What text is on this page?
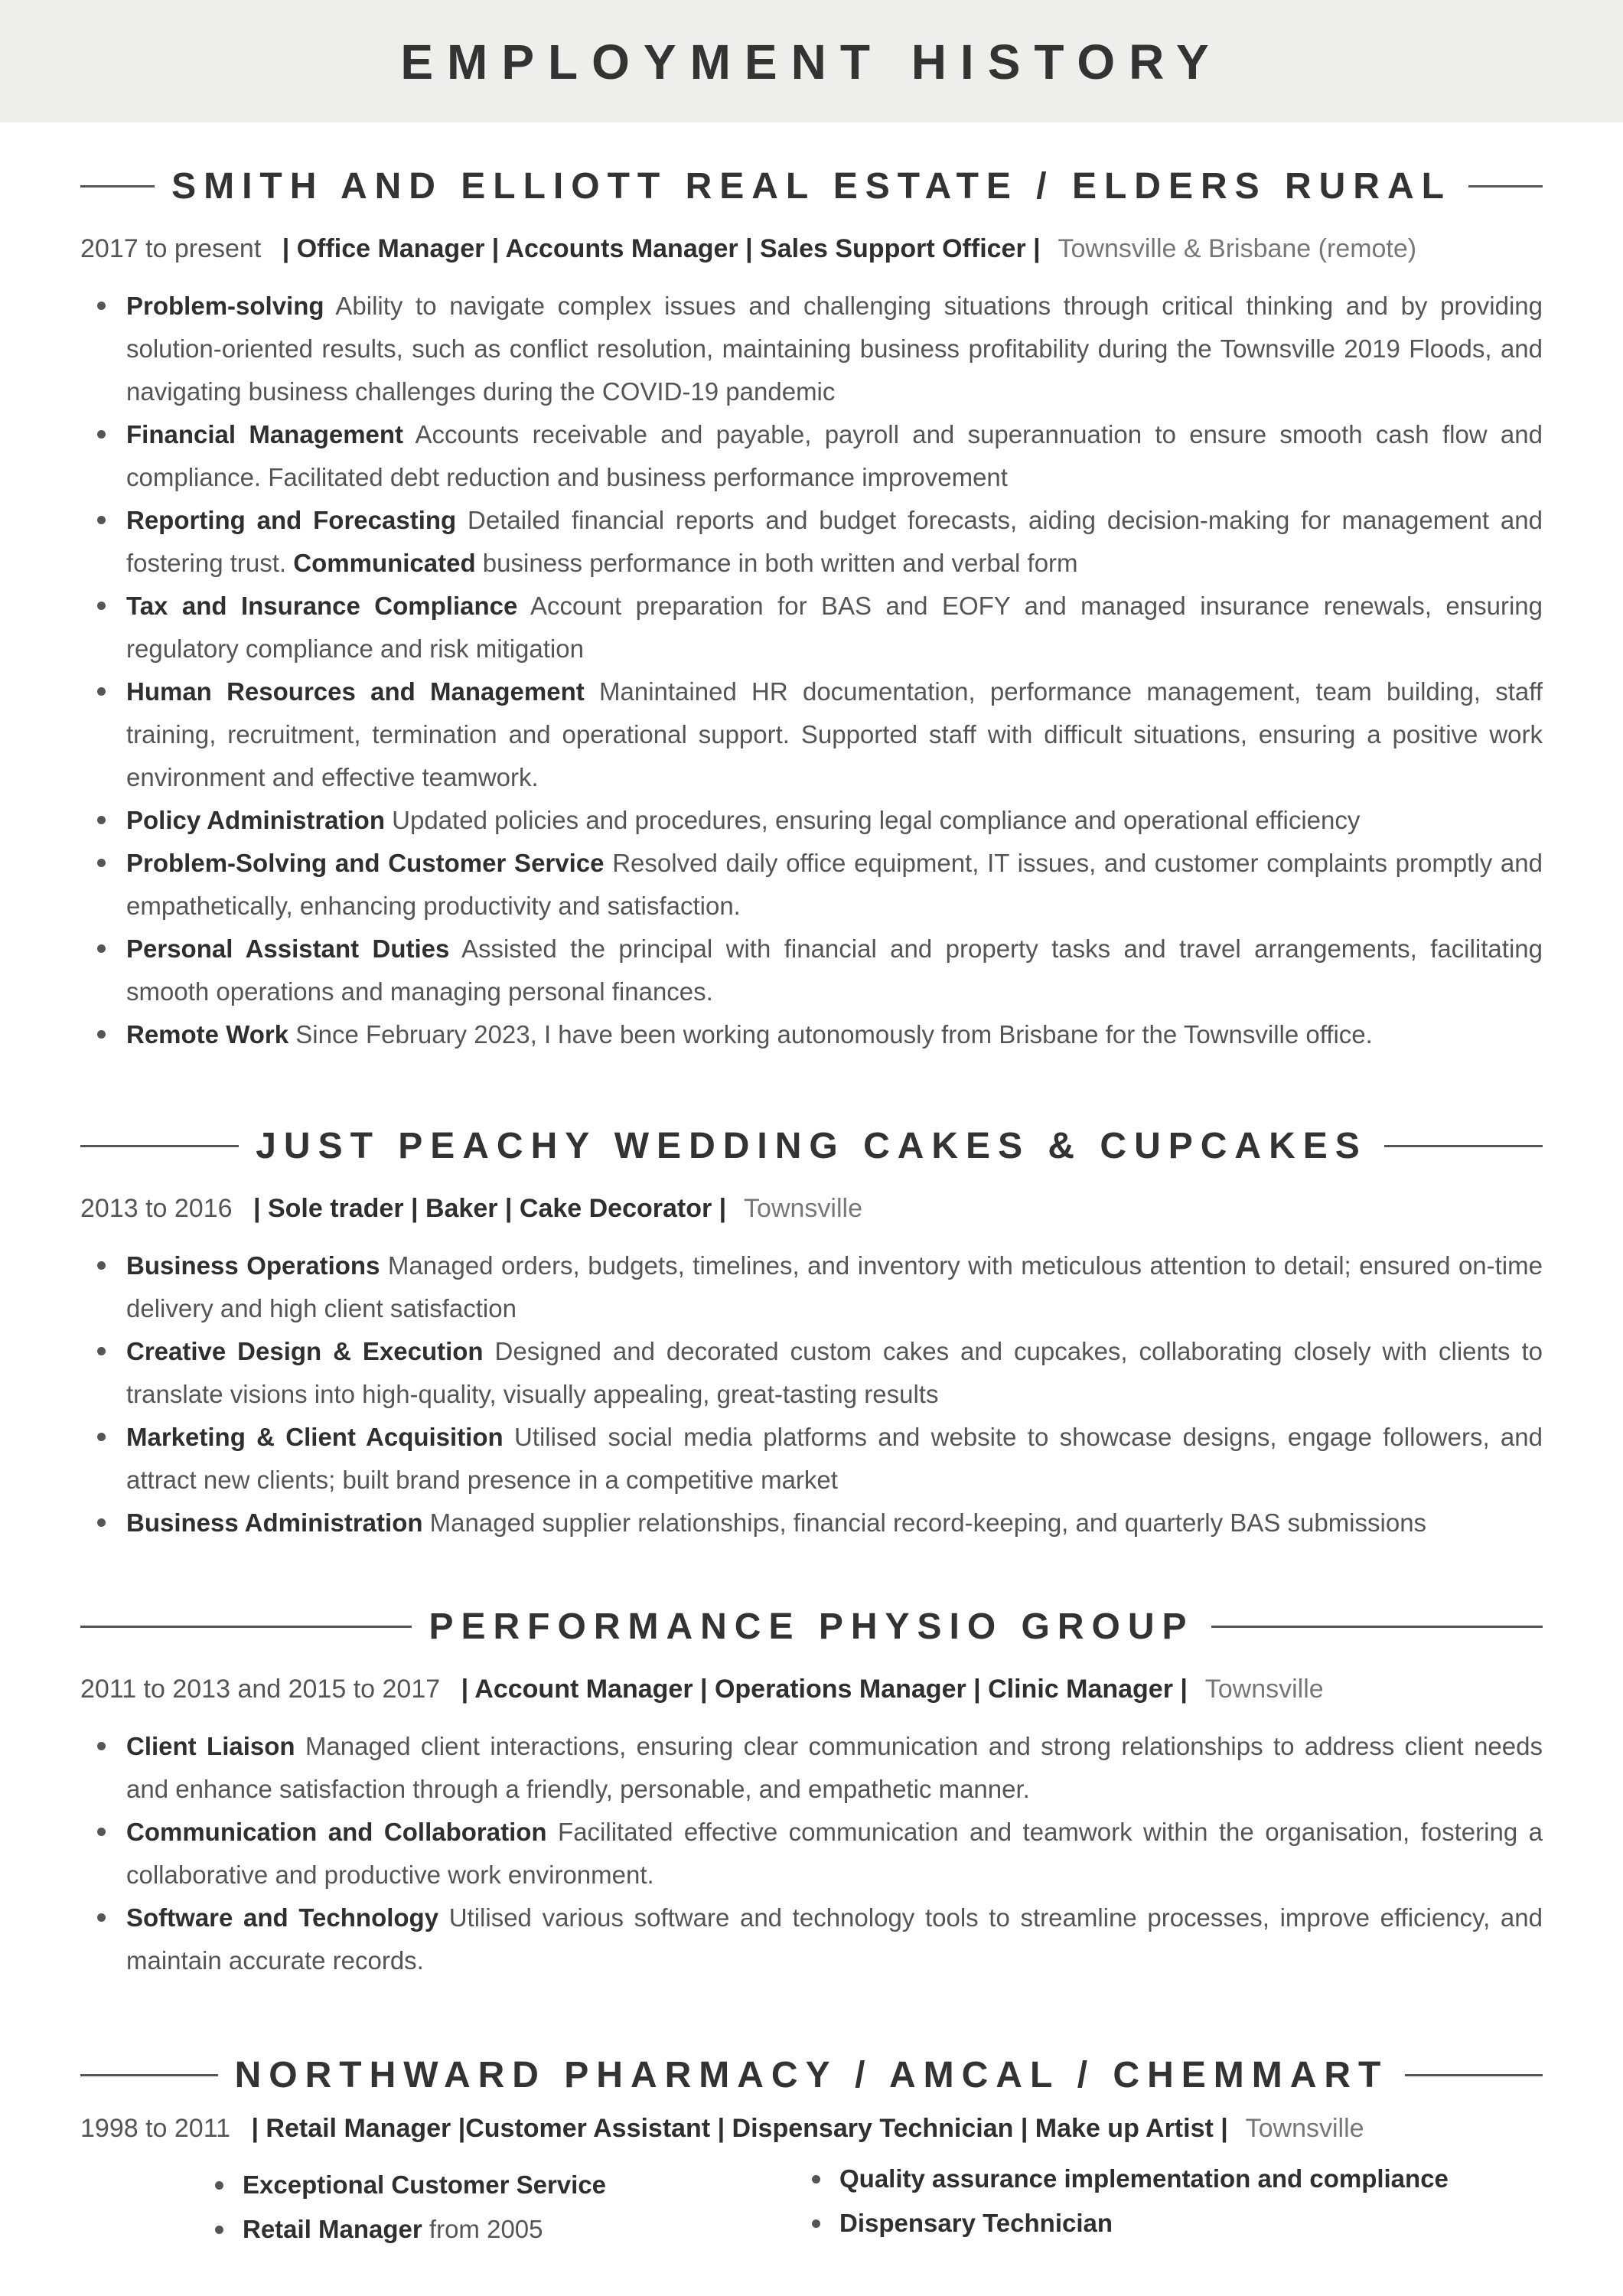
EMPLOYMENT HISTORY
SMITH AND ELLIOTT REAL ESTATE / ELDERS RURAL
2017 to present | Office Manager | Accounts Manager | Sales Support Officer | Townsville & Brisbane (remote)
Problem-solving Ability to navigate complex issues and challenging situations through critical thinking and by providing solution-oriented results, such as conflict resolution, maintaining business profitability during the Townsville 2019 Floods, and navigating business challenges during the COVID-19 pandemic
Financial Management Accounts receivable and payable, payroll and superannuation to ensure smooth cash flow and compliance. Facilitated debt reduction and business performance improvement
Reporting and Forecasting Detailed financial reports and budget forecasts, aiding decision-making for management and fostering trust. Communicated business performance in both written and verbal form
Tax and Insurance Compliance Account preparation for BAS and EOFY and managed insurance renewals, ensuring regulatory compliance and risk mitigation
Human Resources and Management Manintained HR documentation, performance management, team building, staff training, recruitment, termination and operational support. Supported staff with difficult situations, ensuring a positive work environment and effective teamwork.
Policy Administration Updated policies and procedures, ensuring legal compliance and operational efficiency
Problem-Solving and Customer Service Resolved daily office equipment, IT issues, and customer complaints promptly and empathetically, enhancing productivity and satisfaction.
Personal Assistant Duties Assisted the principal with financial and property tasks and travel arrangements, facilitating smooth operations and managing personal finances.
Remote Work Since February 2023, I have been working autonomously from Brisbane for the Townsville office.
JUST PEACHY WEDDING CAKES & CUPCAKES
2013 to 2016 | Sole trader | Baker | Cake Decorator | Townsville
Business Operations Managed orders, budgets, timelines, and inventory with meticulous attention to detail; ensured on-time delivery and high client satisfaction
Creative Design & Execution Designed and decorated custom cakes and cupcakes, collaborating closely with clients to translate visions into high-quality, visually appealing, great-tasting results
Marketing & Client Acquisition Utilised social media platforms and website to showcase designs, engage followers, and attract new clients; built brand presence in a competitive market
Business Administration Managed supplier relationships, financial record-keeping, and quarterly BAS submissions
PERFORMANCE PHYSIO GROUP
2011 to 2013 and 2015 to 2017 | Account Manager | Operations Manager | Clinic Manager | Townsville
Client Liaison Managed client interactions, ensuring clear communication and strong relationships to address client needs and enhance satisfaction through a friendly, personable, and empathetic manner.
Communication and Collaboration Facilitated effective communication and teamwork within the organisation, fostering a collaborative and productive work environment.
Software and Technology Utilised various software and technology tools to streamline processes, improve efficiency, and maintain accurate records.
NORTHWARD PHARMACY / AMCAL / CHEMMART
1998 to 2011 | Retail Manager |Customer Assistant | Dispensary Technician | Make up Artist | Townsville
Exceptional Customer Service
Retail Manager from 2005
Quality assurance implementation and compliance
Dispensary Technician
